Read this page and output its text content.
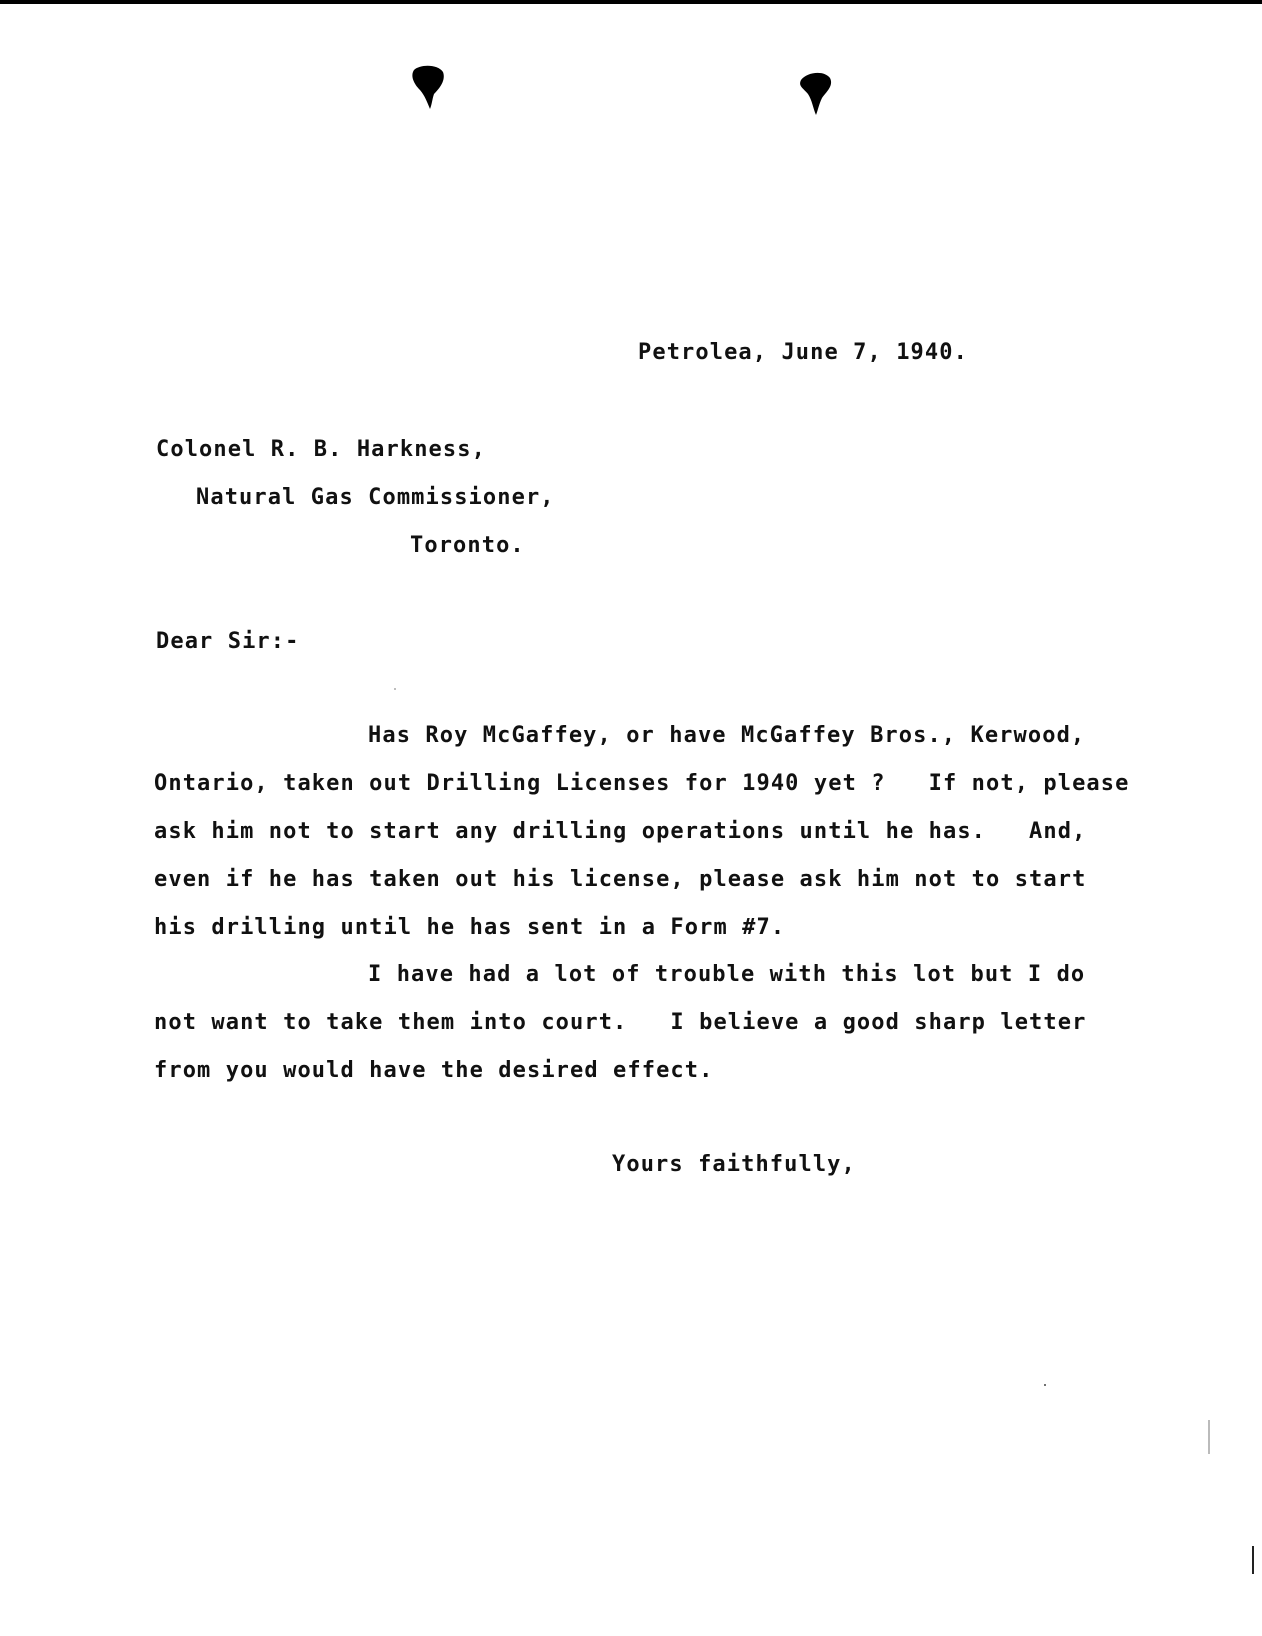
Petrolea, June 7, 1940.
Colonel R. B. Harkness,
Natural Gas Commissioner,
Toronto.
Dear Sir:-
Has Roy McGaffey, or have McGaffey Bros., Kerwood,
Ontario, taken out Drilling Licenses for 1940 yet ?   If not, please
ask him not to start any drilling operations until he has.   And,
even if he has taken out his license, please ask him not to start
his drilling until he has sent in a Form #7.
I have had a lot of trouble with this lot but I do
not want to take them into court.   I believe a good sharp letter
from you would have the desired effect.
Yours faithfully,
